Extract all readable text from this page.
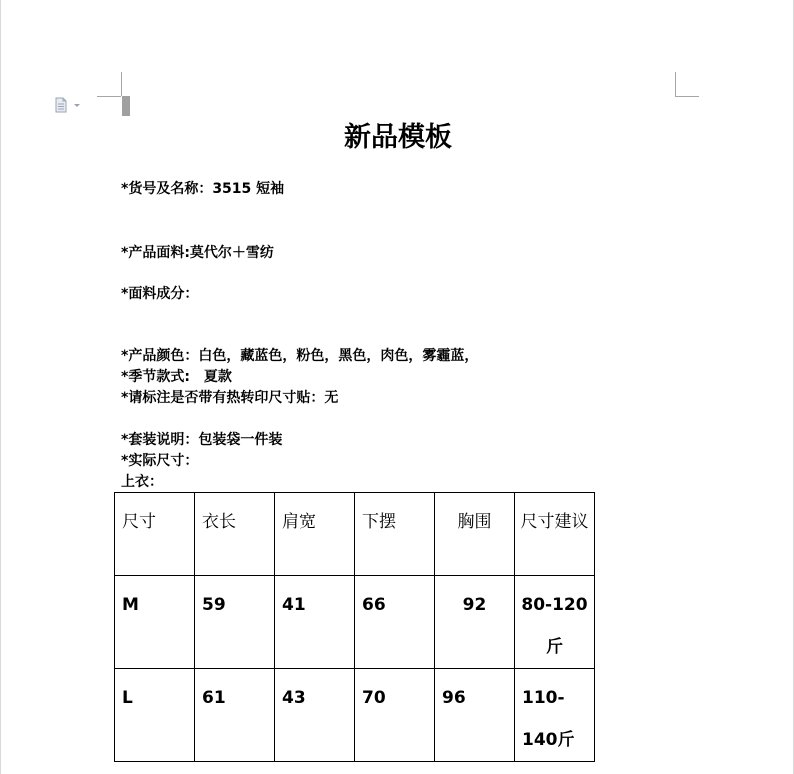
新品模板
*货号及名称：3515 短袖
*产品面料:莫代尔＋雪纺
*面料成分：
*产品颜色：白色，藏蓝色，粉色，黑色，肉色，雾霾蓝，
*季节款式:　夏款
*请标注是否带有热转印尺寸贴：无
*套装说明：包装袋一件装
*实际尺寸：
上衣：
尺寸	衣长	肩宽	下摆	胸围	尺寸建议
M	59	41	66	92	80-120斤
L	61	43	70	96	110-140斤
